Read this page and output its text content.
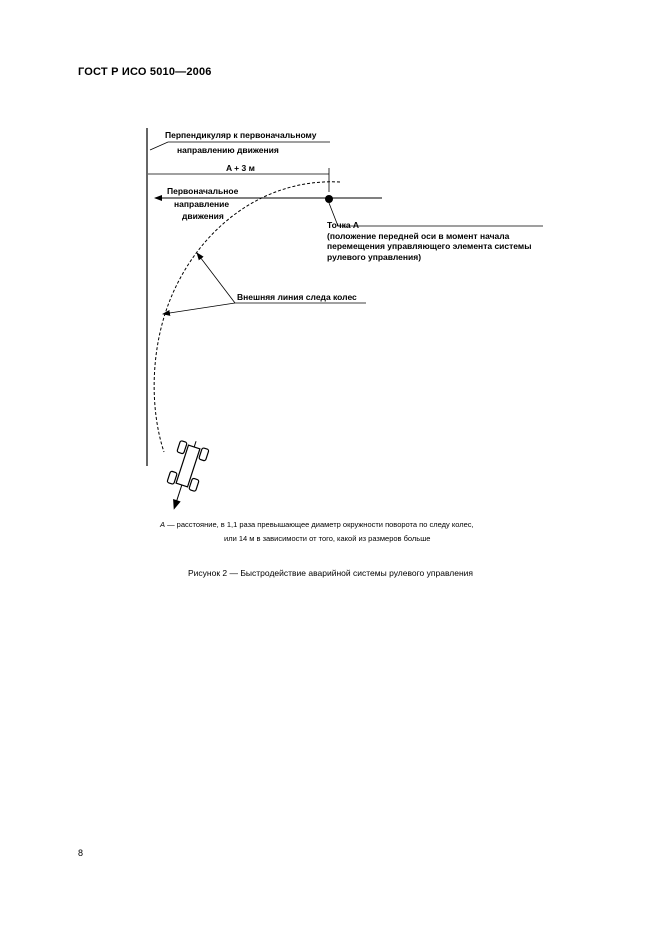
ГОСТ Р ИСО 5010—2006
Перпендикуляр к первоначальному
направлению движения
A + 3 м
Первоначальное
направление
движения
Точка A
(положение передней оси в момент начала
перемещения управляющего элемента системы
рулевого управления)
Внешняя линия следа колес
A — расстояние, в 1,1 раза превышающее диаметр окружности поворота по следу колес,
или 14 м в зависимости от того, какой из размеров больше
Рисунок 2 — Быстродействие аварийной системы рулевого управления
8
